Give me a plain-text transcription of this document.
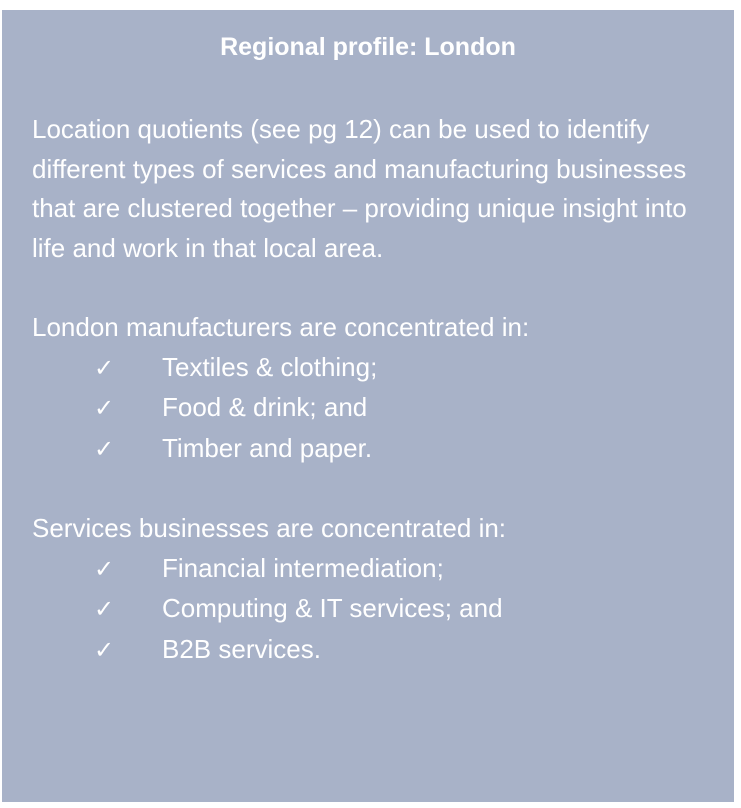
Regional profile: London
Location quotients (see pg 12) can be used to identify different types of services and manufacturing businesses that are clustered together – providing unique insight into life and work in that local area.
London manufacturers are concentrated in:
✓	Textiles & clothing;
✓	Food & drink; and
✓	Timber and paper.
Services businesses are concentrated in:
✓	Financial intermediation;
✓	Computing & IT services; and
✓	B2B services.
